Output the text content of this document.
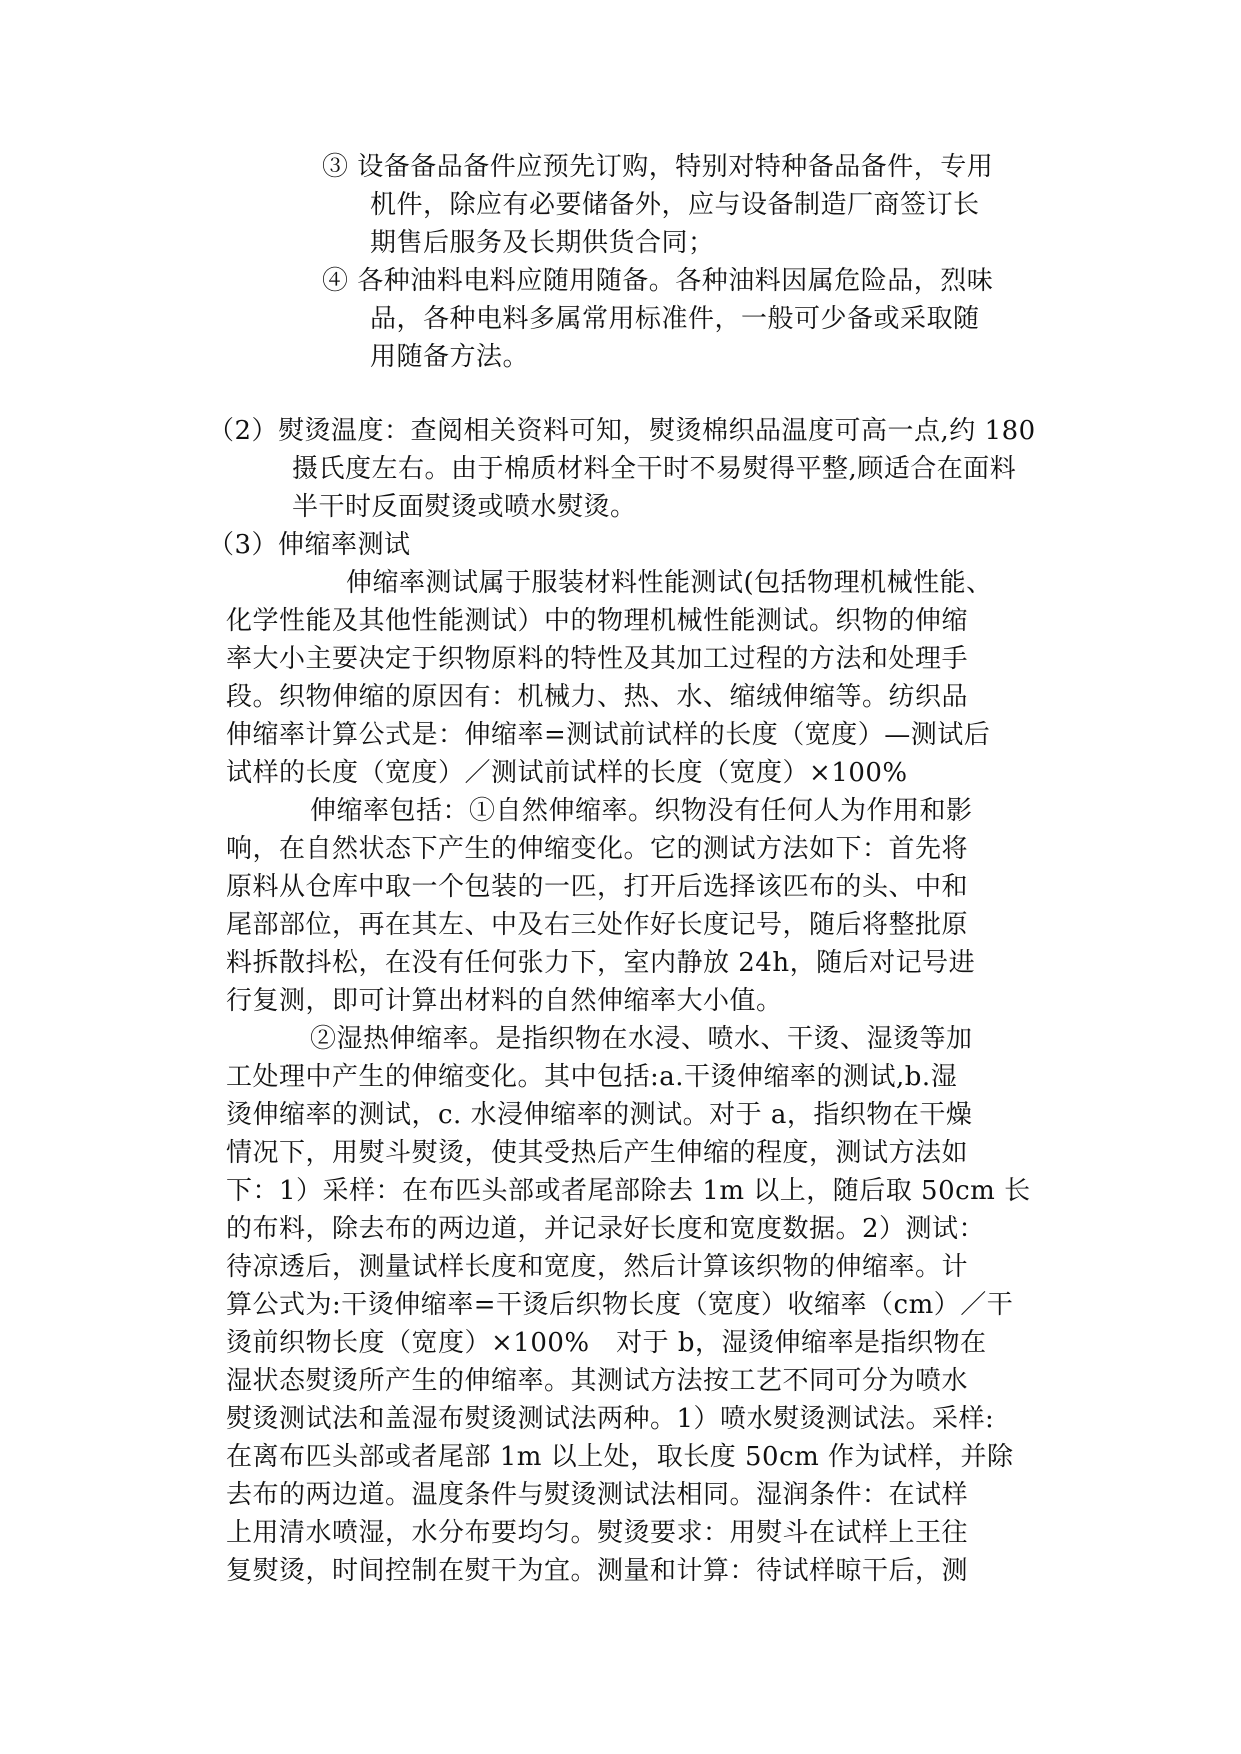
③ 设备备品备件应预先订购，特别对特种备品备件，专用
机件，除应有必要储备外，应与设备制造厂商签订长
期售后服务及长期供货合同；
④ 各种油料电料应随用随备。各种油料因属危险品，烈味
品，各种电料多属常用标准件，一般可少备或采取随
用随备方法。
（2）熨烫温度：查阅相关资料可知，熨烫棉织品温度可高一点,约 180
摄氏度左右。由于棉质材料全干时不易熨得平整,顾适合在面料
半干时反面熨烫或喷水熨烫。
（3）伸缩率测试
伸缩率测试属于服装材料性能测试(包括物理机械性能、
化学性能及其他性能测试）中的物理机械性能测试。织物的伸缩
率大小主要决定于织物原料的特性及其加工过程的方法和处理手
段。织物伸缩的原因有：机械力、热、水、缩绒伸缩等。纺织品
伸缩率计算公式是：伸缩率=测试前试样的长度（宽度）—测试后
试样的长度（宽度）／测试前试样的长度（宽度）×100%
伸缩率包括：①自然伸缩率。织物没有任何人为作用和影
响，在自然状态下产生的伸缩变化。它的测试方法如下：首先将
原料从仓库中取一个包装的一匹，打开后选择该匹布的头、中和
尾部部位，再在其左、中及右三处作好长度记号，随后将整批原
料拆散抖松，在没有任何张力下，室内静放 24h，随后对记号进
行复测，即可计算出材料的自然伸缩率大小值。
②湿热伸缩率。是指织物在水浸、喷水、干烫、湿烫等加
工处理中产生的伸缩变化。其中包括:a.干烫伸缩率的测试,b.湿
烫伸缩率的测试，c. 水浸伸缩率的测试。对于 a，指织物在干燥
情况下，用熨斗熨烫，使其受热后产生伸缩的程度，测试方法如
下：1）采样：在布匹头部或者尾部除去 1m 以上，随后取 50cm 长
的布料，除去布的两边道，并记录好长度和宽度数据。2）测试：
待凉透后，测量试样长度和宽度，然后计算该织物的伸缩率。计
算公式为:干烫伸缩率=干烫后织物长度（宽度）收缩率（cm）／干
烫前织物长度（宽度）×100%　对于 b，湿烫伸缩率是指织物在
湿状态熨烫所产生的伸缩率。其测试方法按工艺不同可分为喷水
熨烫测试法和盖湿布熨烫测试法两种。1）喷水熨烫测试法。采样:
在离布匹头部或者尾部 1m 以上处，取长度 50cm 作为试样，并除
去布的两边道。温度条件与熨烫测试法相同。湿润条件：在试样
上用清水喷湿，水分布要均匀。熨烫要求：用熨斗在试样上王往
复熨烫，时间控制在熨干为宜。测量和计算：待试样晾干后，测
